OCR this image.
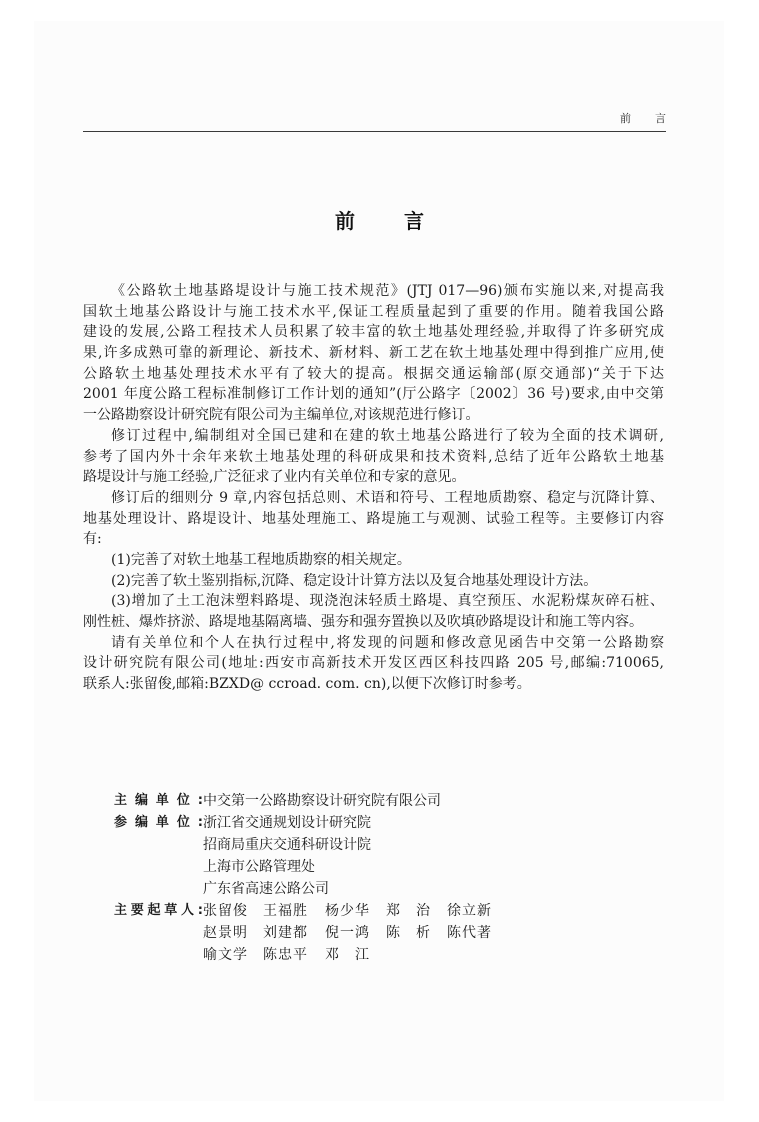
前言
前 言
《公路软土地基路堤设计与施工技术规范》(JTJ 017—96)颁布实施以来,对提高我
国软土地基公路设计与施工技术水平,保证工程质量起到了重要的作用。随着我国公路
建设的发展,公路工程技术人员积累了较丰富的软土地基处理经验,并取得了许多研究成
果,许多成熟可靠的新理论、新技术、新材料、新工艺在软土地基处理中得到推广应用,使
公路软土地基处理技术水平有了较大的提高。根据交通运输部(原交通部)“关于下达
2001 年度公路工程标准制修订工作计划的通知”(厅公路字〔2002〕36 号)要求,由中交第
一公路勘察设计研究院有限公司为主编单位,对该规范进行修订。
修订过程中,编制组对全国已建和在建的软土地基公路进行了较为全面的技术调研,
参考了国内外十余年来软土地基处理的科研成果和技术资料,总结了近年公路软土地基
路堤设计与施工经验,广泛征求了业内有关单位和专家的意见。
修订后的细则分 9 章,内容包括总则、术语和符号、工程地质勘察、稳定与沉降计算、
地基处理设计、路堤设计、地基处理施工、路堤施工与观测、试验工程等。主要修订内容
有:
(1)完善了对软土地基工程地质勘察的相关规定。
(2)完善了软土鉴别指标,沉降、稳定设计计算方法以及复合地基处理设计方法。
(3)增加了土工泡沫塑料路堤、现浇泡沫轻质土路堤、真空预压、水泥粉煤灰碎石桩、
刚性桩、爆炸挤淤、路堤地基隔离墙、强夯和强夯置换以及吹填砂路堤设计和施工等内容。
请有关单位和个人在执行过程中,将发现的问题和修改意见函告中交第一公路勘察
设计研究院有限公司(地址:西安市高新技术开发区西区科技四路 205 号,邮编:710065,
联系人:张留俊,邮箱:BZXD@ ccroad. com. cn),以便下次修订时参考。
主编单位: 中交第一公路勘察设计研究院有限公司
参编单位: 浙江省交通规划设计研究院
招商局重庆交通科研设计院
上海市公路管理处
广东省高速公路公司
主要起草人: 张留俊 王福胜 杨少华 郑治 徐立新
赵景明 刘建都 倪一鸿 陈析 陈代著
喻文学 陈忠平 邓江
